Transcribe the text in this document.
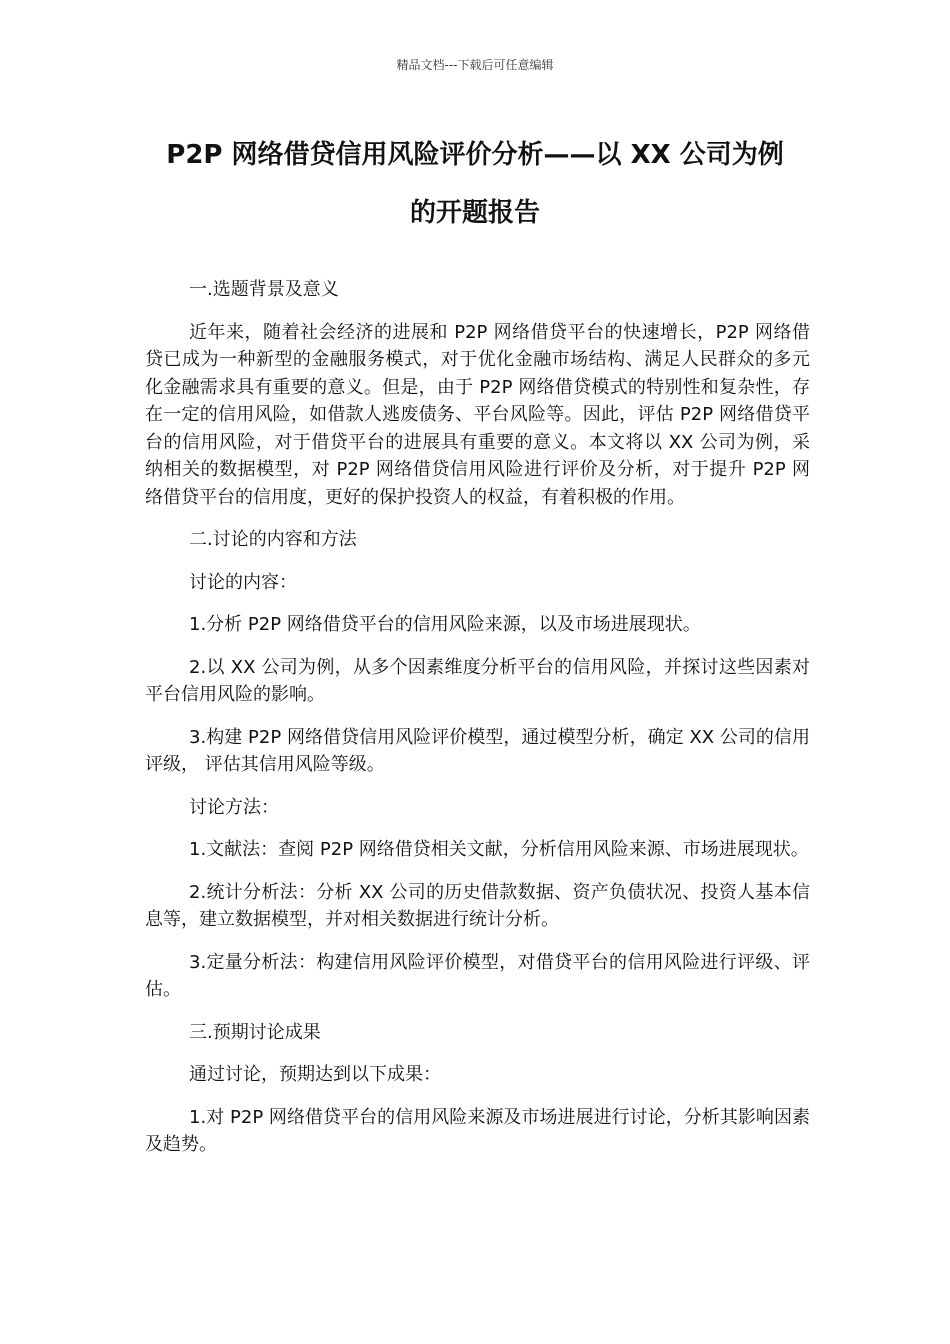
精品文档---下载后可任意编辑
P2P 网络借贷信用风险评价分析——以 XX 公司为例
的开题报告

一.选题背景及意义

近年来，随着社会经济的进展和 P2P 网络借贷平台的快速增长，P2P 网络借贷已成为一种新型的金融服务模式，对于优化金融市场结构、满足人民群众的多元化金融需求具有重要的意义。但是，由于 P2P 网络借贷模式的特别性和复杂性，存在一定的信用风险，如借款人逃废债务、平台风险等。因此，评估 P2P 网络借贷平台的信用风险，对于借贷平台的进展具有重要的意义。本文将以 XX 公司为例，采纳相关的数据模型，对 P2P 网络借贷信用风险进行评价及分析，对于提升 P2P 网络借贷平台的信用度，更好的保护投资人的权益，有着积极的作用。

二.讨论的内容和方法

讨论的内容：

1.分析 P2P 网络借贷平台的信用风险来源，以及市场进展现状。

2.以 XX 公司为例，从多个因素维度分析平台的信用风险，并探讨这些因素对平台信用风险的影响。

3.构建 P2P 网络借贷信用风险评价模型，通过模型分析，确定 XX 公司的信用评级， 评估其信用风险等级。

讨论方法：

1.文献法：查阅 P2P 网络借贷相关文献，分析信用风险来源、市场进展现状。

2.统计分析法：分析 XX 公司的历史借款数据、资产负债状况、投资人基本信息等，建立数据模型，并对相关数据进行统计分析。

3.定量分析法：构建信用风险评价模型，对借贷平台的信用风险进行评级、评估。

三.预期讨论成果

通过讨论，预期达到以下成果：

1.对 P2P 网络借贷平台的信用风险来源及市场进展进行讨论，分析其影响因素及趋势。
